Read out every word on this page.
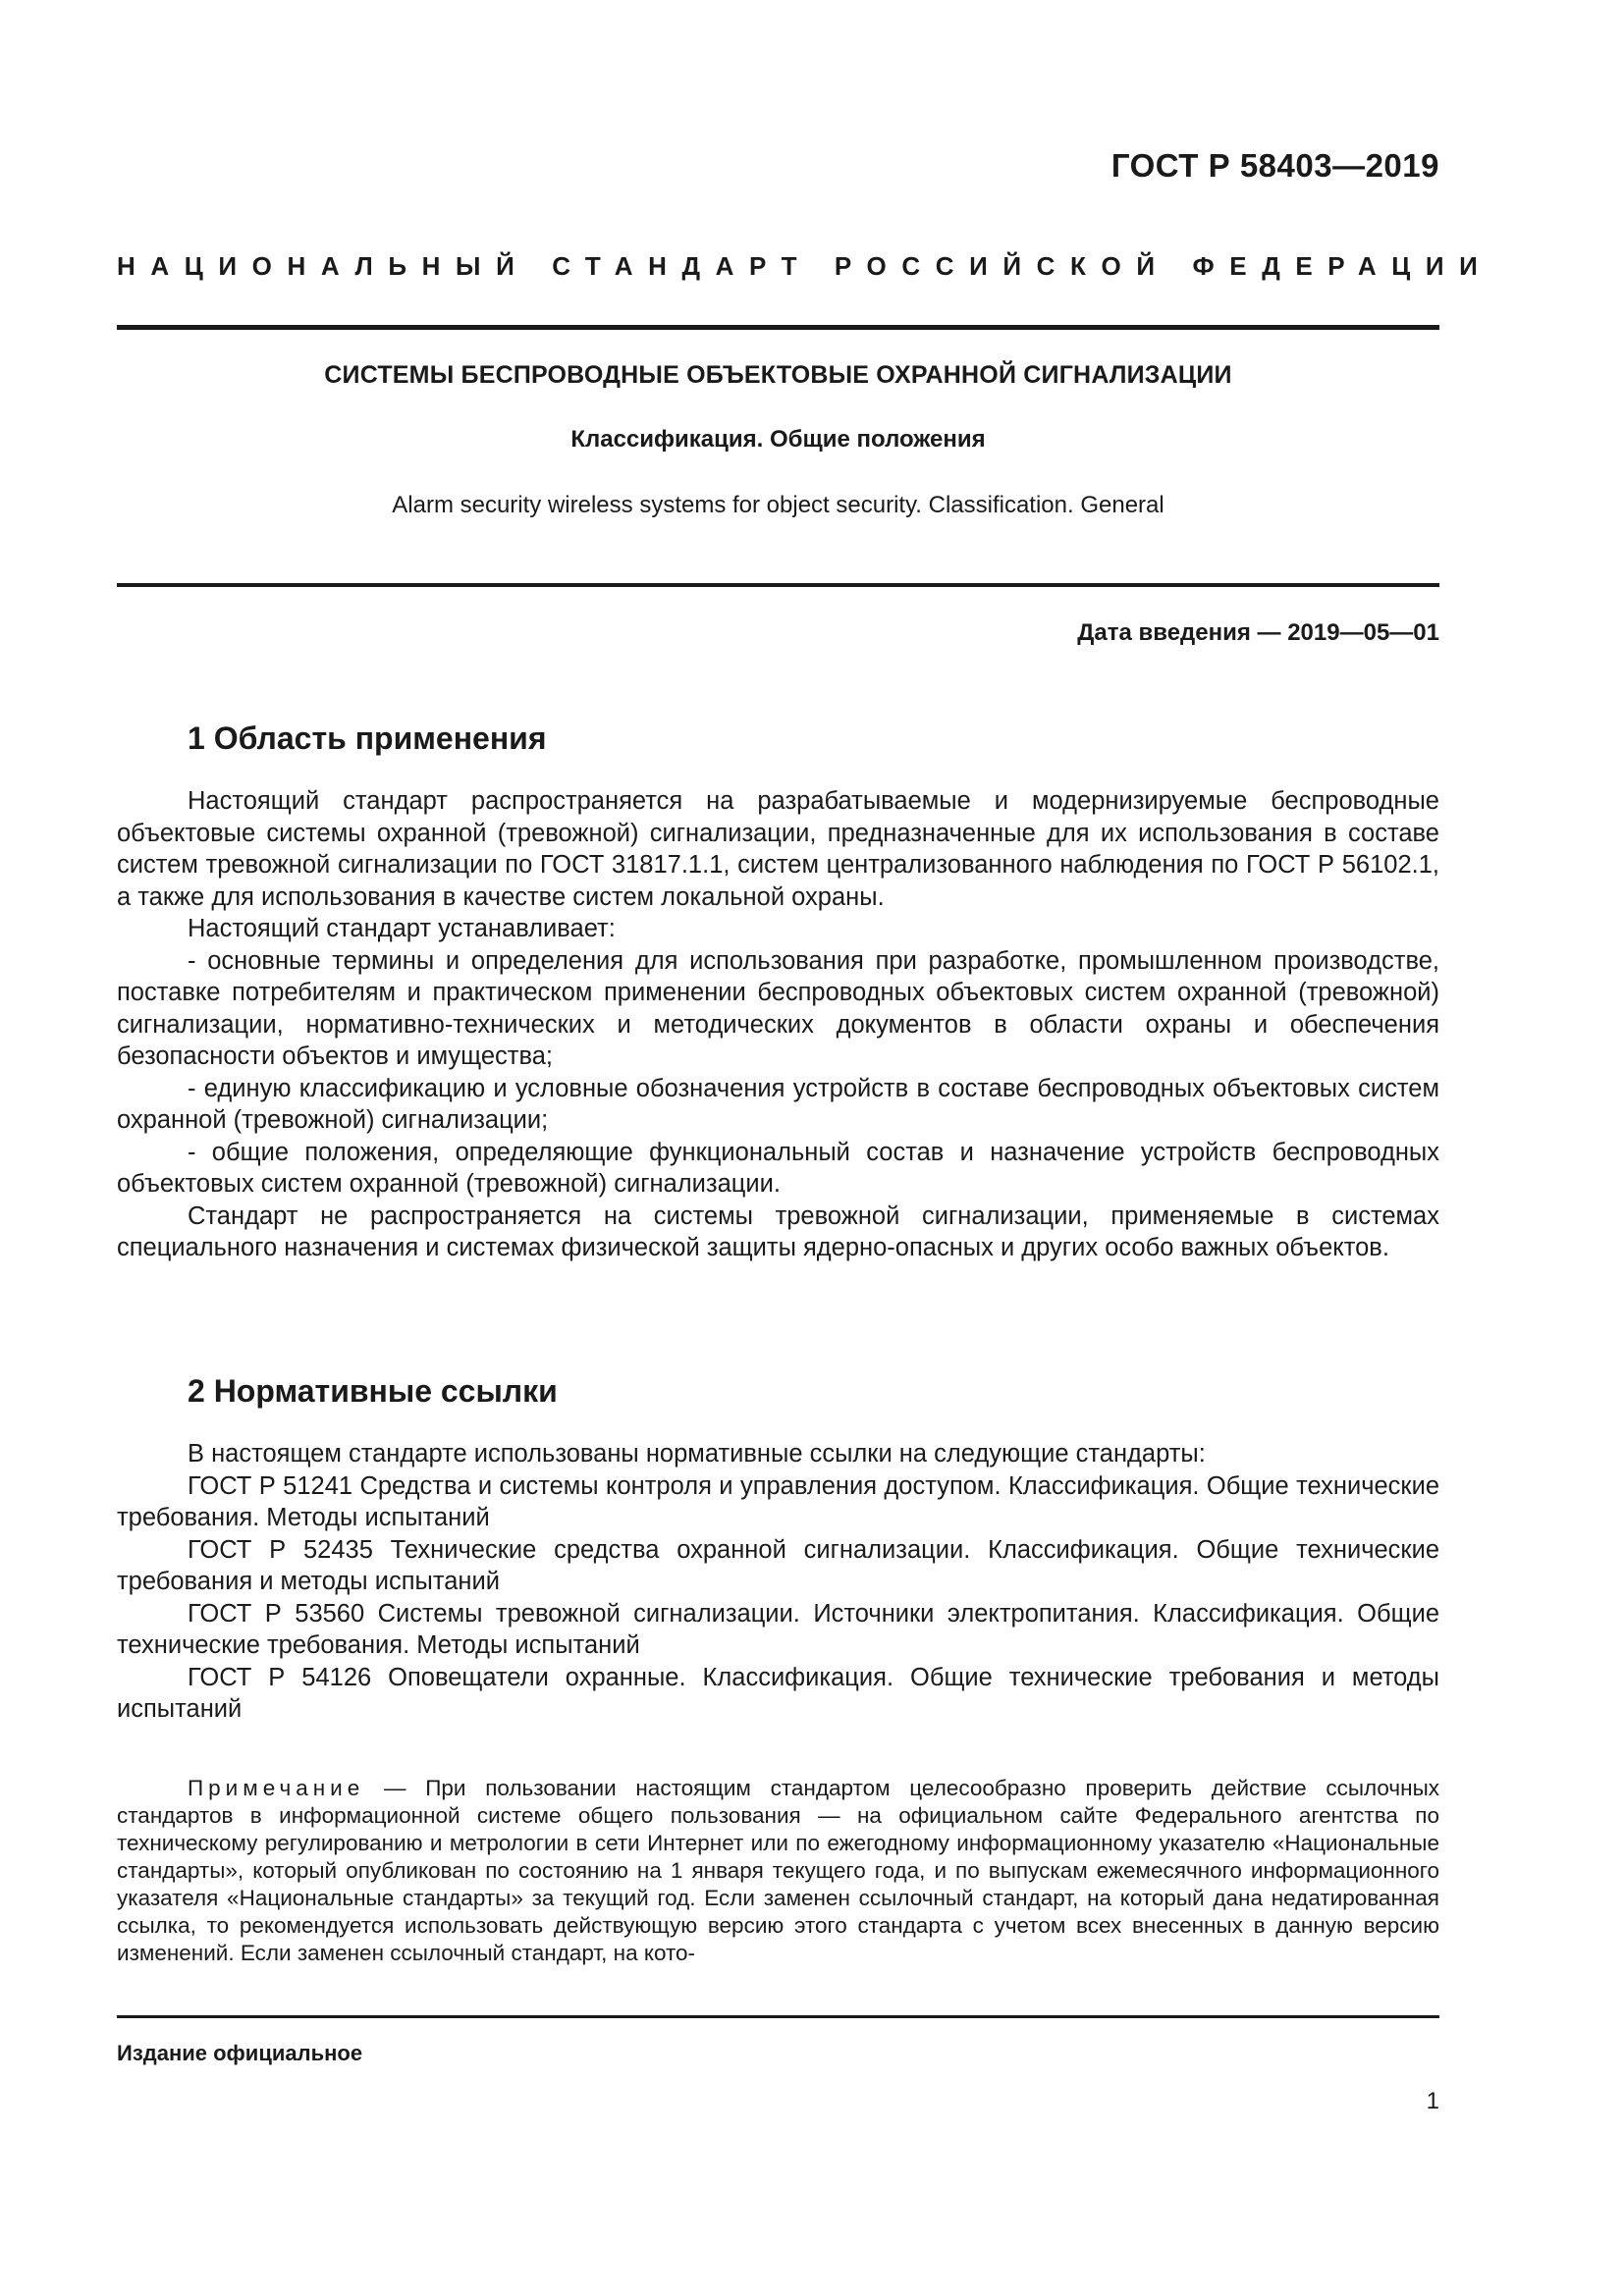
ГОСТ Р 58403—2019
НАЦИОНАЛЬНЫЙ СТАНДАРТ РОССИЙСКОЙ ФЕДЕРАЦИИ
СИСТЕМЫ БЕСПРОВОДНЫЕ ОБЪЕКТОВЫЕ ОХРАННОЙ СИГНАЛИЗАЦИИ
Классификация. Общие положения
Alarm security wireless systems for object security. Classification. General
Дата введения — 2019—05—01
1 Область применения

Настоящий стандарт распространяется на разрабатываемые и модернизируемые беспроводные объектовые системы охранной (тревожной) сигнализации, предназначенные для их использования в составе систем тревожной сигнализации по ГОСТ 31817.1.1, систем централизованного наблюдения по ГОСТ Р 56102.1, а также для использования в качестве систем локальной охраны.

Настоящий стандарт устанавливает:

- основные термины и определения для использования при разработке, промышленном производстве, поставке потребителям и практическом применении беспроводных объектовых систем охранной (тревожной) сигнализации, нормативно-технических и методических документов в области охраны и обеспечения безопасности объектов и имущества;

- единую классификацию и условные обозначения устройств в составе беспроводных объектовых систем охранной (тревожной) сигнализации;

- общие положения, определяющие функциональный состав и назначение устройств беспроводных объектовых систем охранной (тревожной) сигнализации.

Стандарт не распространяется на системы тревожной сигнализации, применяемые в системах специального назначения и системах физической защиты ядерно-опасных и других особо важных объектов.

2 Нормативные ссылки

В настоящем стандарте использованы нормативные ссылки на следующие стандарты:

ГОСТ Р 51241 Средства и системы контроля и управления доступом. Классификация. Общие технические требования. Методы испытаний

ГОСТ Р 52435 Технические средства охранной сигнализации. Классификация. Общие технические требования и методы испытаний

ГОСТ Р 53560 Системы тревожной сигнализации. Источники электропитания. Классификация. Общие технические требования. Методы испытаний

ГОСТ Р 54126 Оповещатели охранные. Классификация. Общие технические требования и методы испытаний

Примечание — При пользовании настоящим стандартом целесообразно проверить действие ссылочных стандартов в информационной системе общего пользования — на официальном сайте Федерального агентства по техническому регулированию и метрологии в сети Интернет или по ежегодному информационному указателю «Национальные стандарты», который опубликован по состоянию на 1 января текущего года, и по выпускам ежемесячного информационного указателя «Национальные стандарты» за текущий год. Если заменен ссылочный стандарт, на который дана недатированная ссылка, то рекомендуется использовать действующую версию этого стандарта с учетом всех внесенных в данную версию изменений. Если заменен ссылочный стандарт, на кото-

Издание официальное
1
